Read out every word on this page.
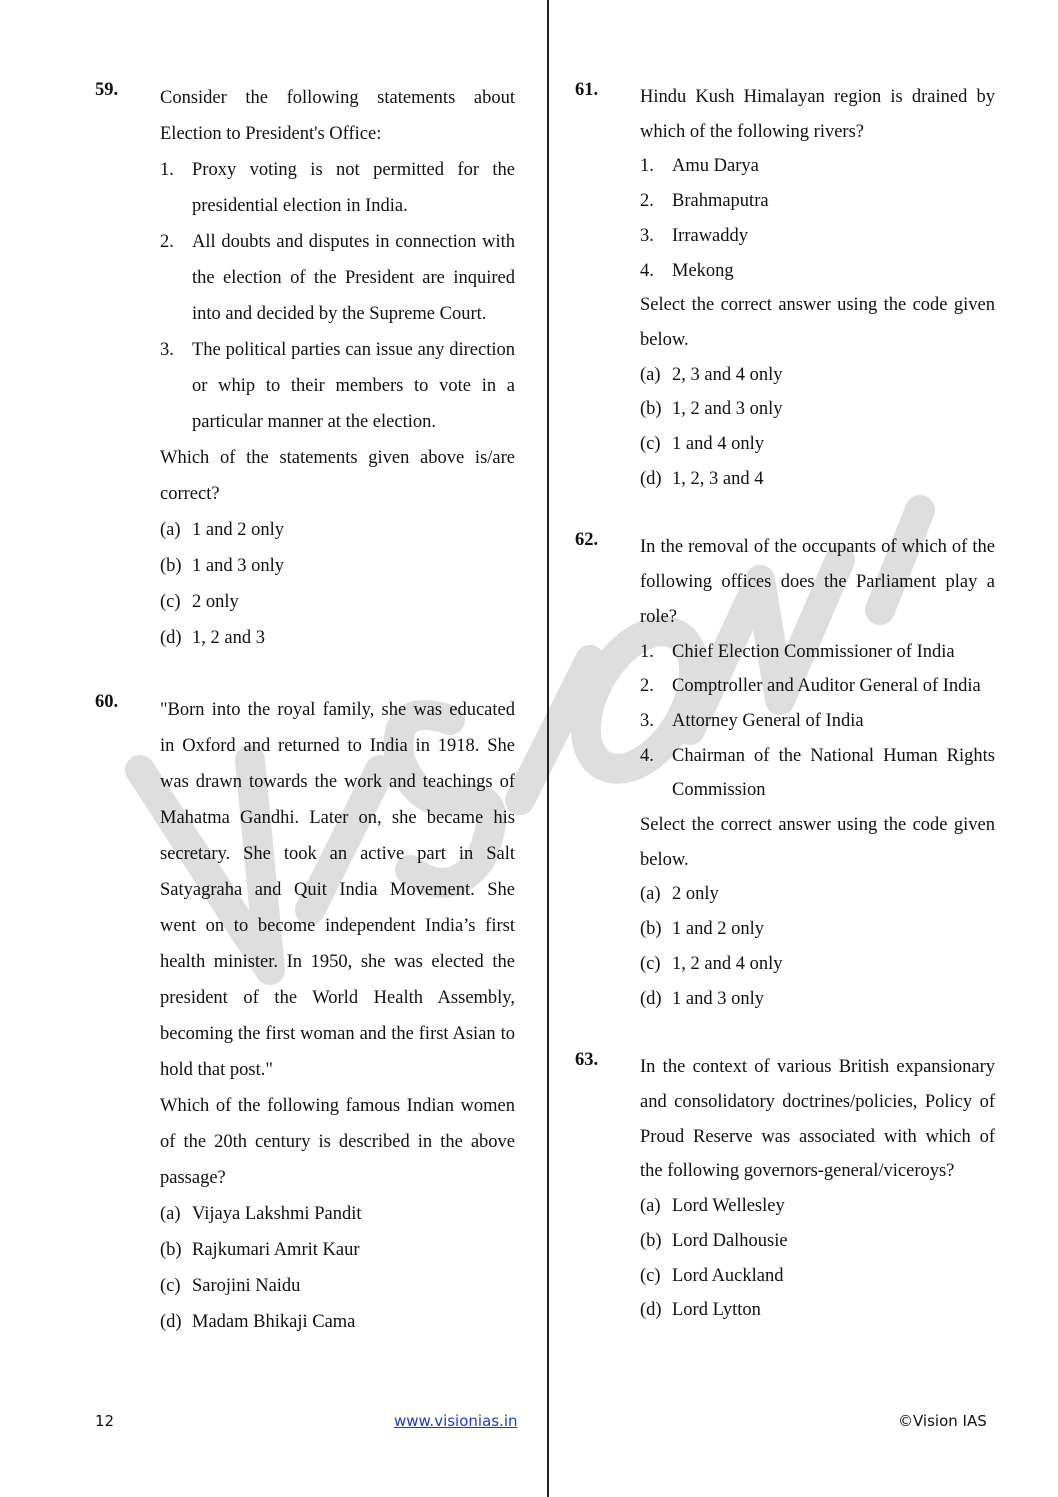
59. Consider the following statements about Election to President's Office:

1. Proxy voting is not permitted for the presidential election in India.
2. All doubts and disputes in connection with the election of the President are inquired into and decided by the Supreme Court.
3. The political parties can issue any direction or whip to their members to vote in a particular manner at the election.

Which of the statements given above is/are correct?

(a) 1 and 2 only
(b) 1 and 3 only
(c) 2 only
(d) 1, 2 and 3
60. "Born into the royal family, she was educated in Oxford and returned to India in 1918. She was drawn towards the work and teachings of Mahatma Gandhi. Later on, she became his secretary. She took an active part in Salt Satyagraha and Quit India Movement. She went on to become independent India’s first health minister. In 1950, she was elected the president of the World Health Assembly, becoming the first woman and the first Asian to hold that post."

Which of the following famous Indian women of the 20th century is described in the above passage?

(a) Vijaya Lakshmi Pandit
(b) Rajkumari Amrit Kaur
(c) Sarojini Naidu
(d) Madam Bhikaji Cama
61. Hindu Kush Himalayan region is drained by which of the following rivers?

1. Amu Darya
2. Brahmaputra
3. Irrawaddy
4. Mekong

Select the correct answer using the code given below.

(a) 2, 3 and 4 only
(b) 1, 2 and 3 only
(c) 1 and 4 only
(d) 1, 2, 3 and 4
62. In the removal of the occupants of which of the following offices does the Parliament play a role?

1. Chief Election Commissioner of India
2. Comptroller and Auditor General of India
3. Attorney General of India
4. Chairman of the National Human Rights Commission

Select the correct answer using the code given below.

(a) 2 only
(b) 1 and 2 only
(c) 1, 2 and 4 only
(d) 1 and 3 only
63. In the context of various British expansionary and consolidatory doctrines/policies, Policy of Proud Reserve was associated with which of the following governors-general/viceroys?

(a) Lord Wellesley
(b) Lord Dalhousie
(c) Lord Auckland
(d) Lord Lytton
12	www.visionias.in	©Vision IAS
